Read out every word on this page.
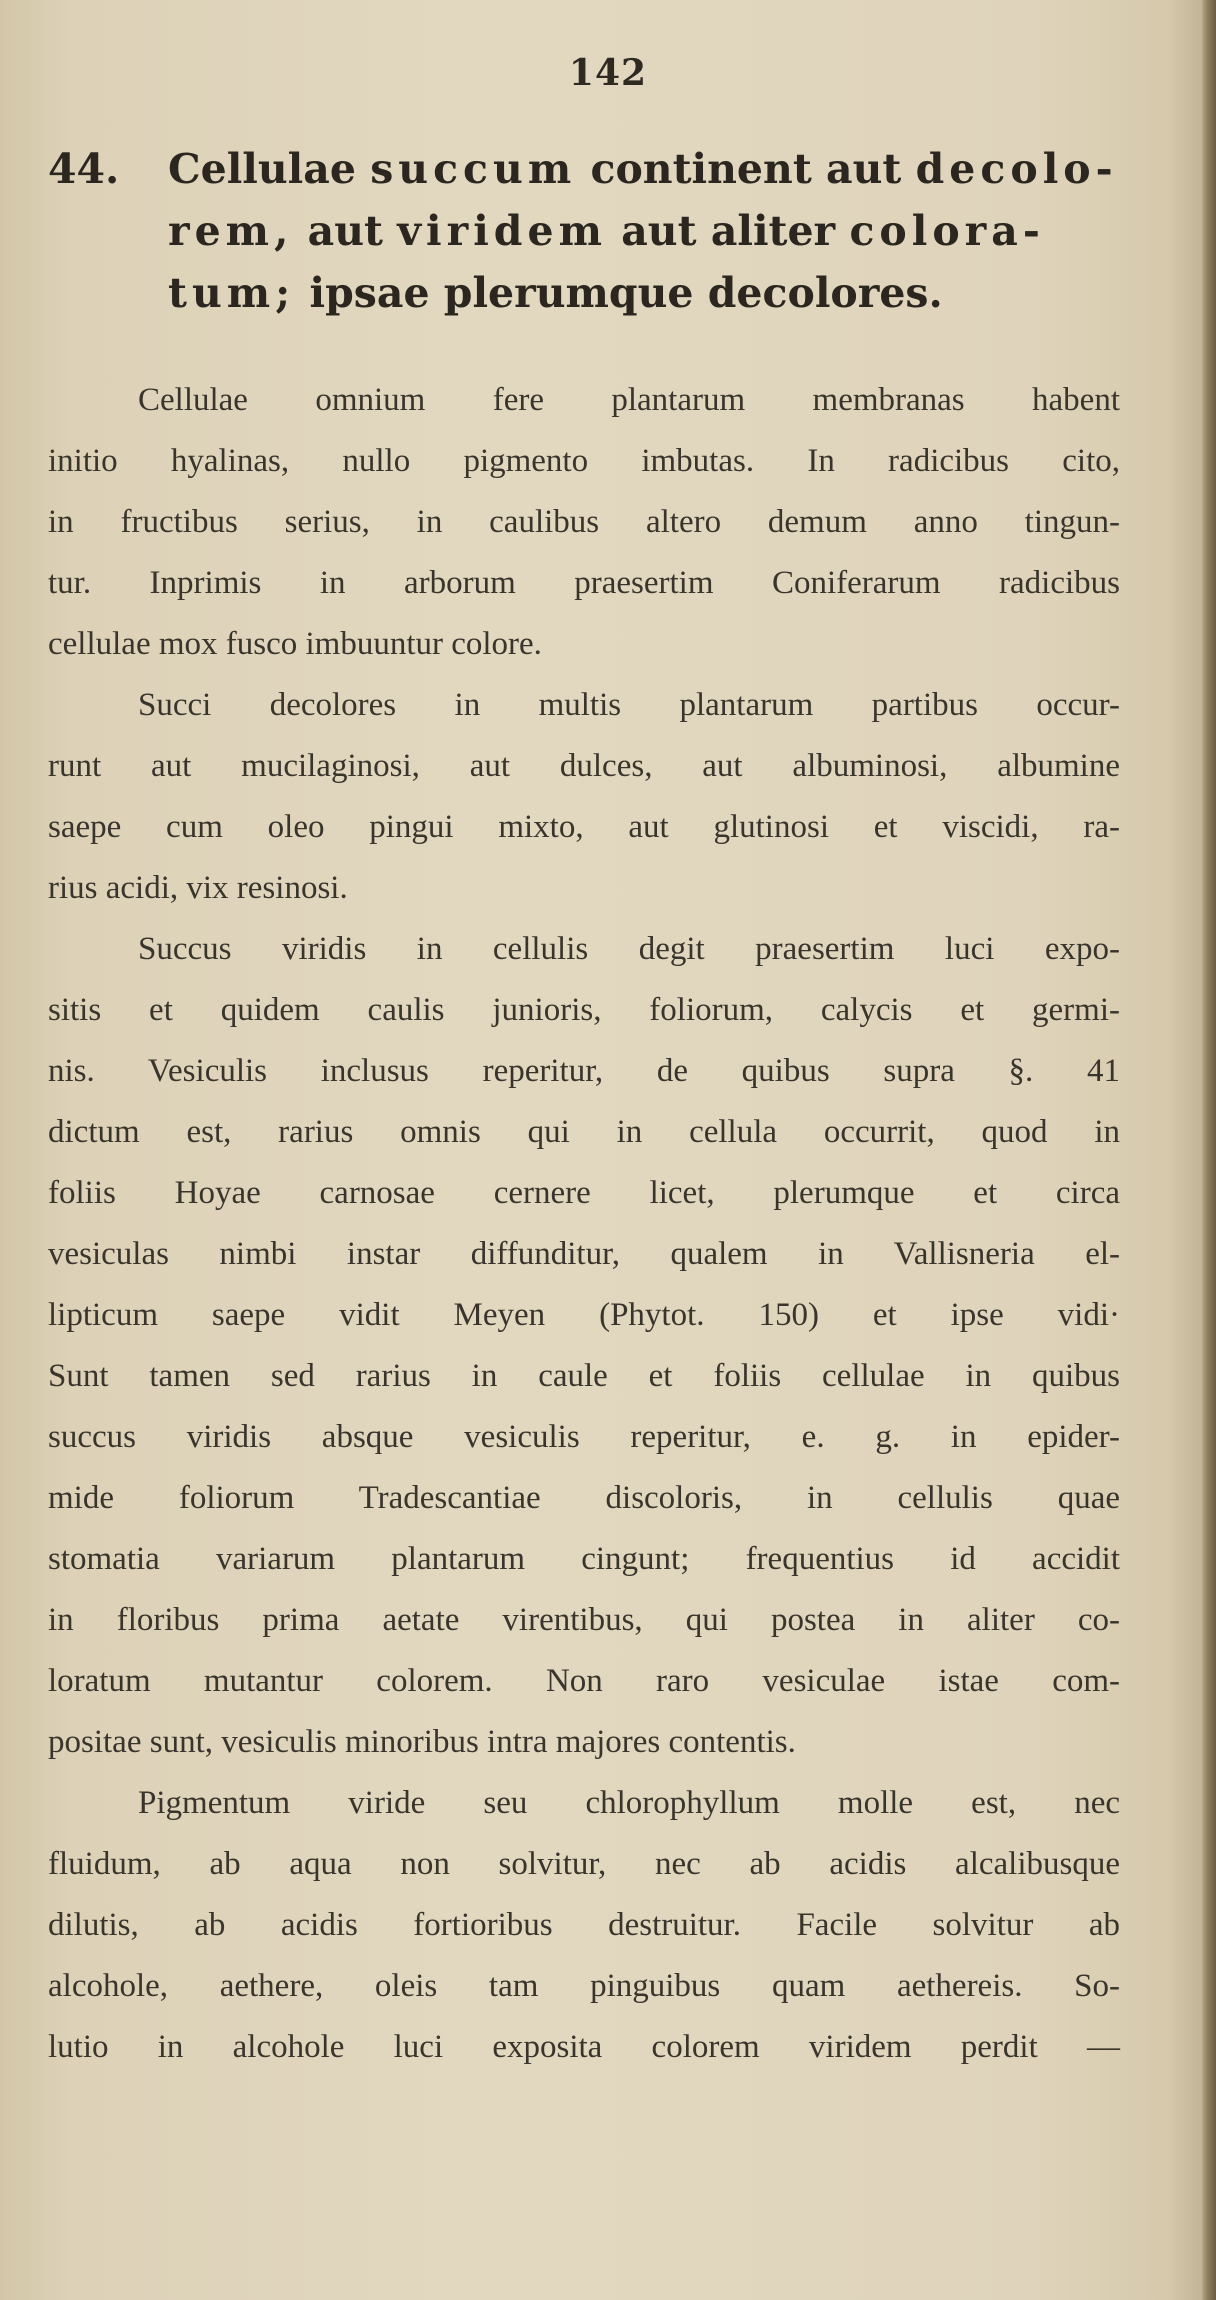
142
44.	Cellulae succum continent aut decolo-
rem, aut viridem aut aliter colora-
tum; ipsae plerumque decolores.

Cellulae omnium fere plantarum membranas habent
initio hyalinas, nullo pigmento imbutas. In radicibus cito,
in fructibus serius, in caulibus altero demum anno tingun-
tur. Inprimis in arborum praesertim Coniferarum radicibus
cellulae mox fusco imbuuntur colore.

Succi decolores in multis plantarum partibus occur-
runt aut mucilaginosi, aut dulces, aut albuminosi, albumine
saepe cum oleo pingui mixto, aut glutinosi et viscidi, ra-
rius acidi, vix resinosi.

Succus viridis in cellulis degit praesertim luci expo-
sitis et quidem caulis junioris, foliorum, calycis et germi-
nis. Vesiculis inclusus reperitur, de quibus supra §. 41
dictum est, rarius omnis qui in cellula occurrit, quod in
foliis Hoyae carnosae cernere licet, plerumque et circa
vesiculas nimbi instar diffunditur, qualem in Vallisneria el-
lipticum saepe vidit Meyen (Phytot. 150) et ipse vidi·
Sunt tamen sed rarius in caule et foliis cellulae in quibus
succus viridis absque vesiculis reperitur, e. g. in epider-
mide foliorum Tradescantiae discoloris, in cellulis quae
stomatia variarum plantarum cingunt; frequentius id accidit
in floribus prima aetate virentibus, qui postea in aliter co-
loratum mutantur colorem. Non raro vesiculae istae com-
positae sunt, vesiculis minoribus intra majores contentis.

Pigmentum viride seu chlorophyllum molle est, nec
fluidum, ab aqua non solvitur, nec ab acidis alcalibusque
dilutis, ab acidis fortioribus destruitur. Facile solvitur ab
alcohole, aethere, oleis tam pinguibus quam aethereis. So-
lutio in alcohole luci exposita colorem viridem perdit —
